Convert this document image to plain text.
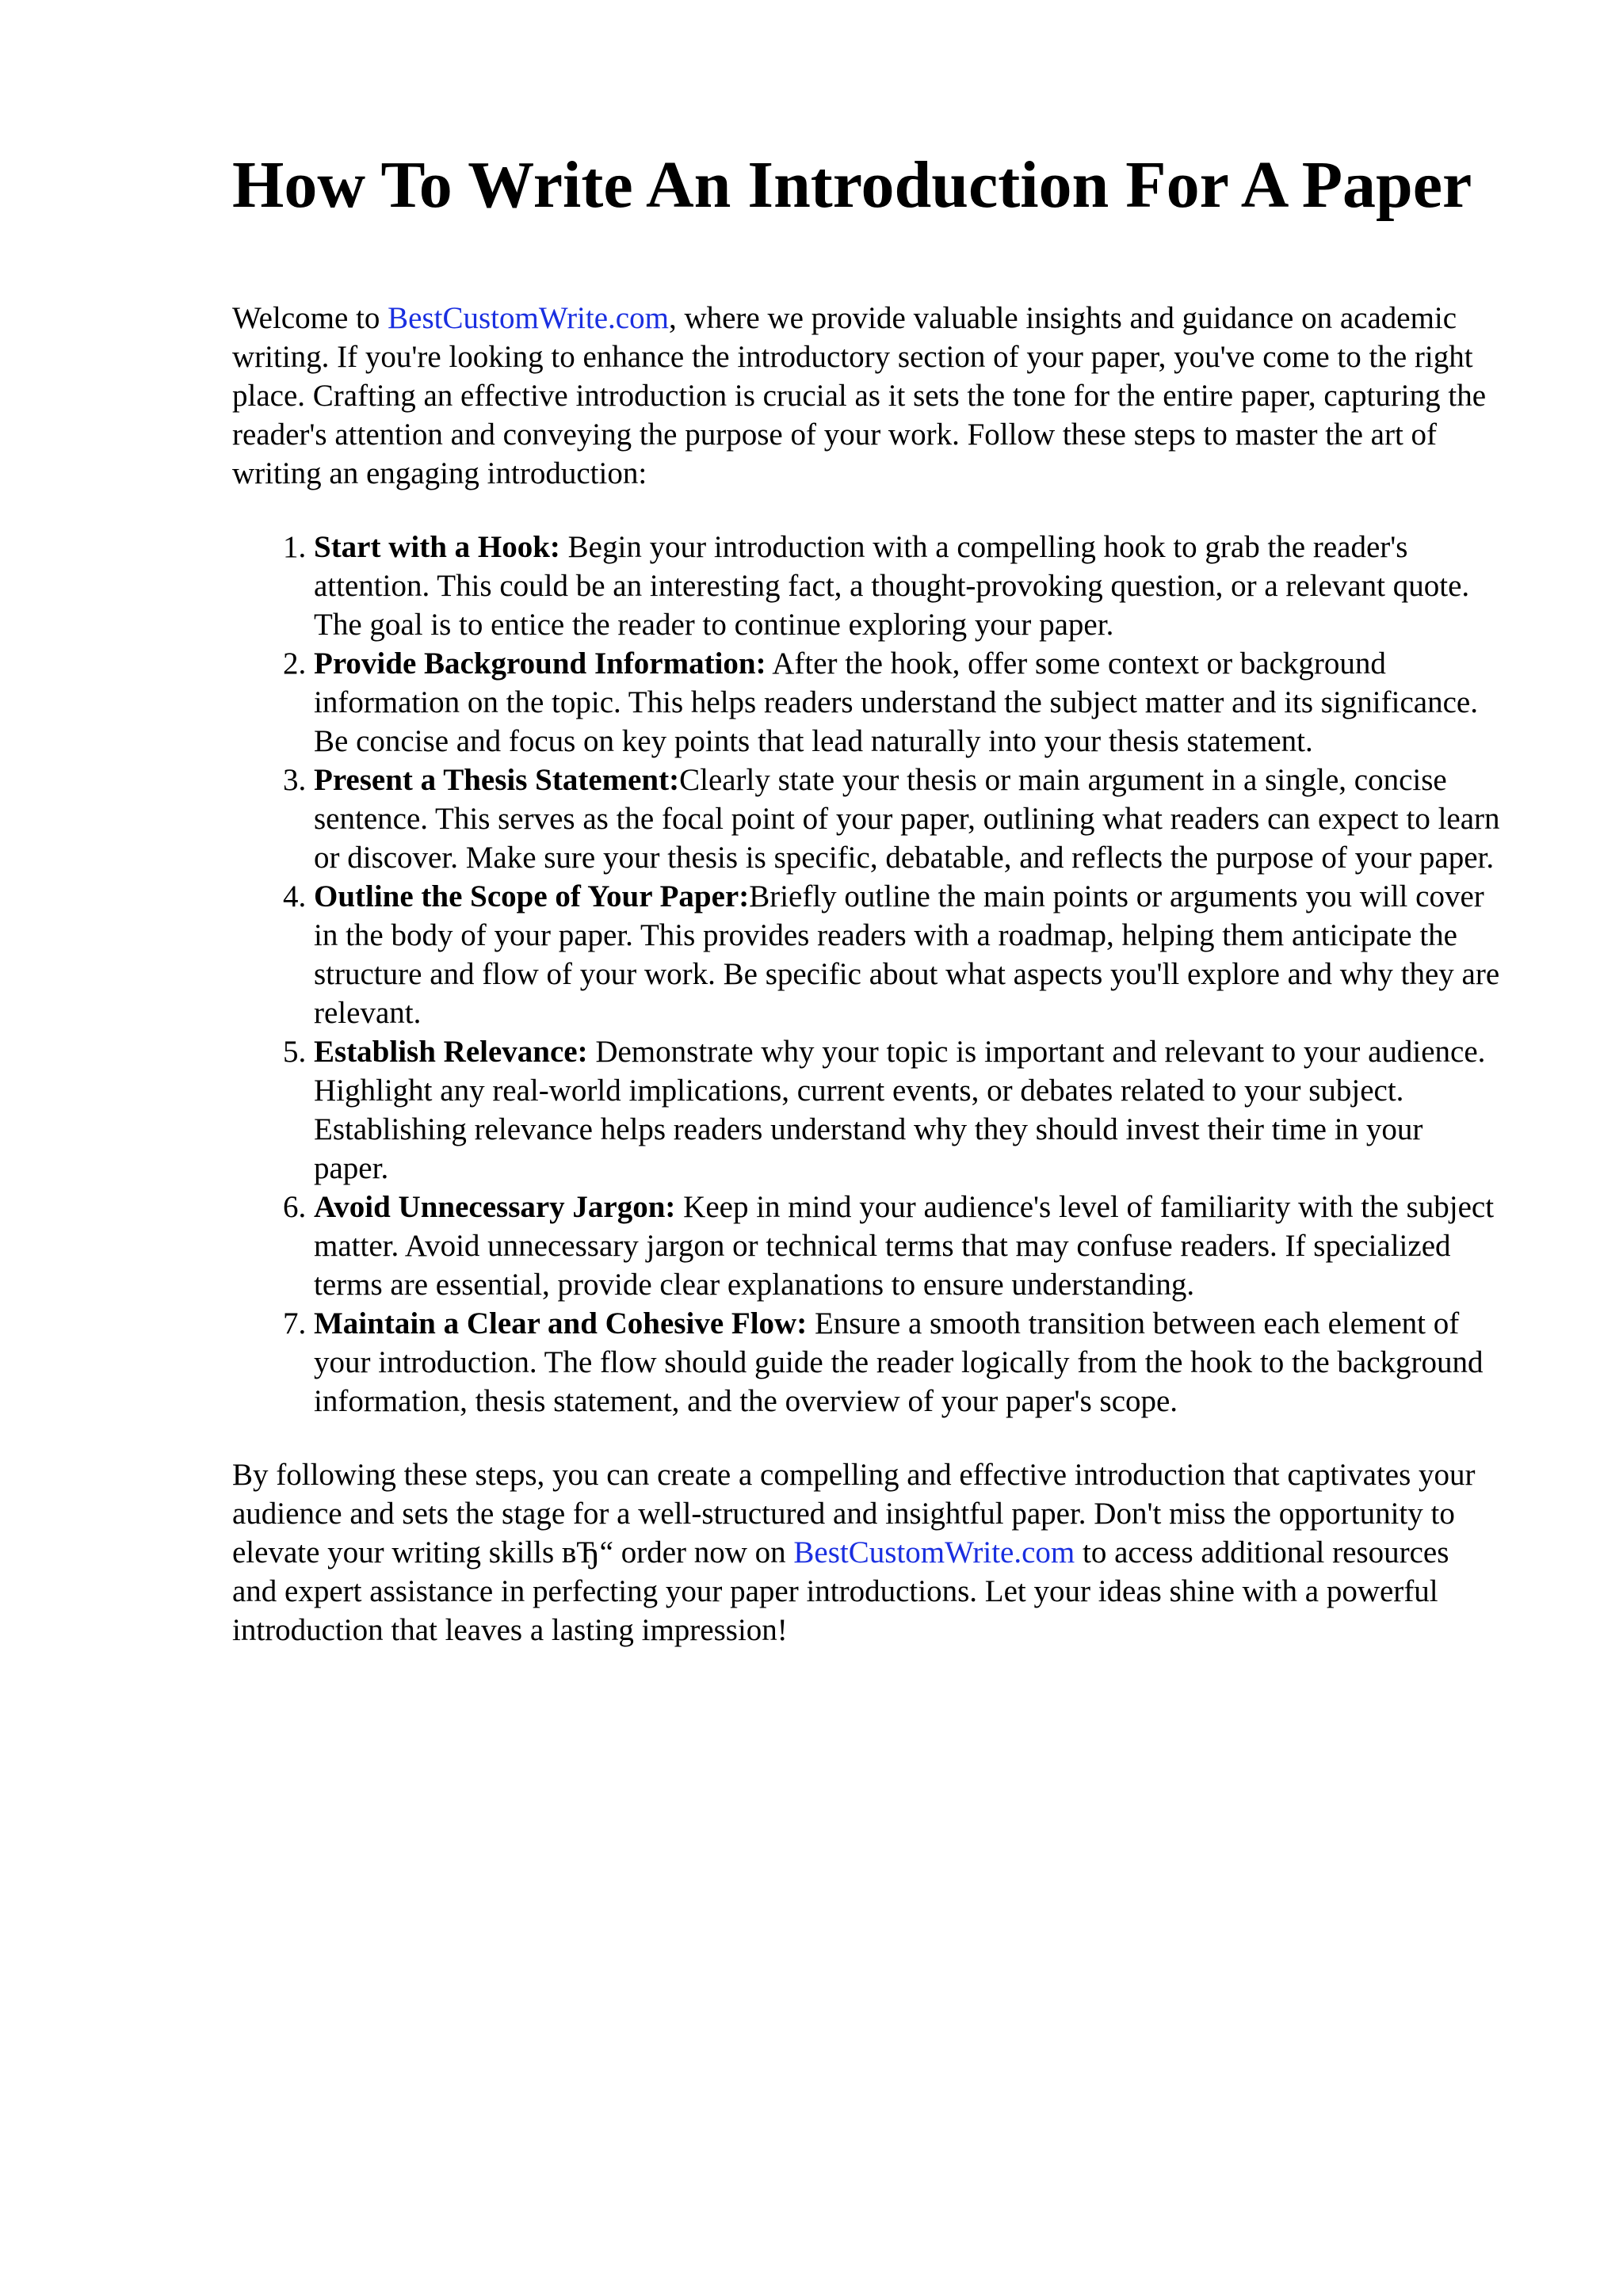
How To Write An Introduction For A Paper

Welcome to BestCustomWrite.com, where we provide valuable insights and guidance on academic writing. If you're looking to enhance the introductory section of your paper, you've come to the right place. Crafting an effective introduction is crucial as it sets the tone for the entire paper, capturing the reader's attention and conveying the purpose of your work. Follow these steps to master the art of writing an engaging introduction:

1. Start with a Hook: Begin your introduction with a compelling hook to grab the reader's attention. This could be an interesting fact, a thought-provoking question, or a relevant quote. The goal is to entice the reader to continue exploring your paper.
2. Provide Background Information: After the hook, offer some context or background information on the topic. This helps readers understand the subject matter and its significance. Be concise and focus on key points that lead naturally into your thesis statement.
3. Present a Thesis Statement:Clearly state your thesis or main argument in a single, concise sentence. This serves as the focal point of your paper, outlining what readers can expect to learn or discover. Make sure your thesis is specific, debatable, and reflects the purpose of your paper.
4. Outline the Scope of Your Paper:Briefly outline the main points or arguments you will cover in the body of your paper. This provides readers with a roadmap, helping them anticipate the structure and flow of your work. Be specific about what aspects you'll explore and why they are relevant.
5. Establish Relevance: Demonstrate why your topic is important and relevant to your audience. Highlight any real-world implications, current events, or debates related to your subject. Establishing relevance helps readers understand why they should invest their time in your paper.
6. Avoid Unnecessary Jargon: Keep in mind your audience's level of familiarity with the subject matter. Avoid unnecessary jargon or technical terms that may confuse readers. If specialized terms are essential, provide clear explanations to ensure understanding.
7. Maintain a Clear and Cohesive Flow: Ensure a smooth transition between each element of your introduction. The flow should guide the reader logically from the hook to the background information, thesis statement, and the overview of your paper's scope.

By following these steps, you can create a compelling and effective introduction that captivates your audience and sets the stage for a well-structured and insightful paper. Don't miss the opportunity to elevate your writing skills вЂ“ order now on BestCustomWrite.com to access additional resources and expert assistance in perfecting your paper introductions. Let your ideas shine with a powerful introduction that leaves a lasting impression!
